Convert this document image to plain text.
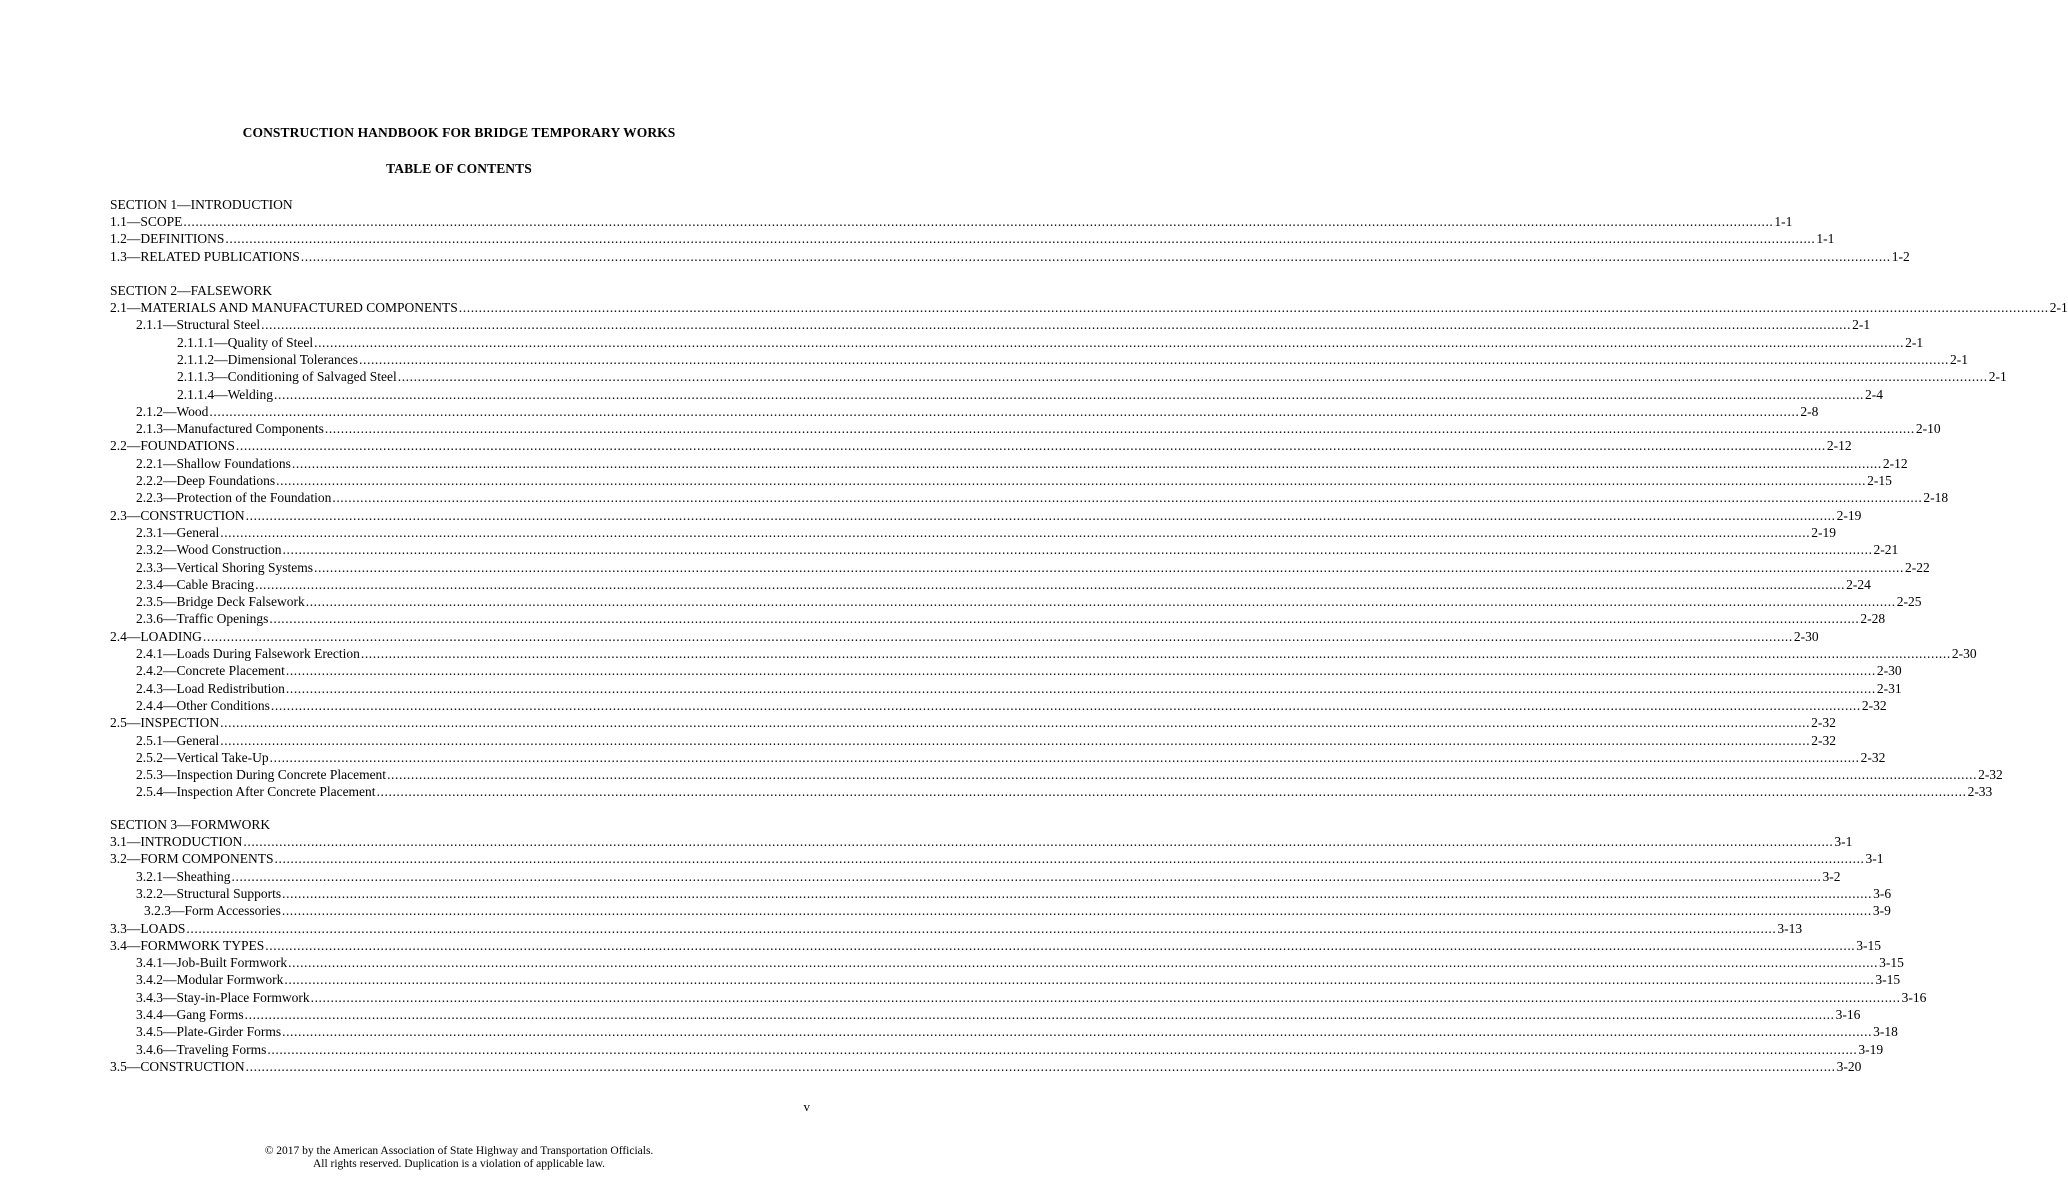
CONSTRUCTION HANDBOOK FOR BRIDGE TEMPORARY WORKS
TABLE OF CONTENTS
SECTION 1—INTRODUCTION
1.1—SCOPE ................................................................................................................................................................................................................................................................................................................................................................................................................ 1-1
1.2—DEFINITIONS ................................................................................................................................................................................................................................................................................................................................................................................................................ 1-1
1.3—RELATED PUBLICATIONS ................................................................................................................................................................................................................................................................................................................................................................................................................ 1-2
SECTION 2—FALSEWORK
2.1—MATERIALS AND MANUFACTURED COMPONENTS ................................................................................................................................................................................................................................................................................................................................................................................................................ 2-1
2.1.1—Structural Steel ................................................................................................................................................................................................................................................................................................................................................................................................................ 2-1
2.1.1.1—Quality of Steel ................................................................................................................................................................................................................................................................................................................................................................................................................ 2-1
2.1.1.2—Dimensional Tolerances ................................................................................................................................................................................................................................................................................................................................................................................................................ 2-1
2.1.1.3—Conditioning of Salvaged Steel ................................................................................................................................................................................................................................................................................................................................................................................................................ 2-1
2.1.1.4—Welding ................................................................................................................................................................................................................................................................................................................................................................................................................ 2-4
2.1.2—Wood ................................................................................................................................................................................................................................................................................................................................................................................................................ 2-8
2.1.3—Manufactured Components ................................................................................................................................................................................................................................................................................................................................................................................................................ 2-10
2.2—FOUNDATIONS ................................................................................................................................................................................................................................................................................................................................................................................................................ 2-12
2.2.1—Shallow Foundations ................................................................................................................................................................................................................................................................................................................................................................................................................ 2-12
2.2.2—Deep Foundations ................................................................................................................................................................................................................................................................................................................................................................................................................ 2-15
2.2.3—Protection of the Foundation ................................................................................................................................................................................................................................................................................................................................................................................................................ 2-18
2.3—CONSTRUCTION ................................................................................................................................................................................................................................................................................................................................................................................................................ 2-19
2.3.1—General ................................................................................................................................................................................................................................................................................................................................................................................................................ 2-19
2.3.2—Wood Construction ................................................................................................................................................................................................................................................................................................................................................................................................................ 2-21
2.3.3—Vertical Shoring Systems ................................................................................................................................................................................................................................................................................................................................................................................................................ 2-22
2.3.4—Cable Bracing ................................................................................................................................................................................................................................................................................................................................................................................................................ 2-24
2.3.5—Bridge Deck Falsework ................................................................................................................................................................................................................................................................................................................................................................................................................ 2-25
2.3.6—Traffic Openings ................................................................................................................................................................................................................................................................................................................................................................................................................ 2-28
2.4—LOADING ................................................................................................................................................................................................................................................................................................................................................................................................................ 2-30
2.4.1—Loads During Falsework Erection ................................................................................................................................................................................................................................................................................................................................................................................................................ 2-30
2.4.2—Concrete Placement ................................................................................................................................................................................................................................................................................................................................................................................................................ 2-30
2.4.3—Load Redistribution ................................................................................................................................................................................................................................................................................................................................................................................................................ 2-31
2.4.4—Other Conditions ................................................................................................................................................................................................................................................................................................................................................................................................................ 2-32
2.5—INSPECTION ................................................................................................................................................................................................................................................................................................................................................................................................................ 2-32
2.5.1—General ................................................................................................................................................................................................................................................................................................................................................................................................................ 2-32
2.5.2—Vertical Take-Up ................................................................................................................................................................................................................................................................................................................................................................................................................ 2-32
2.5.3—Inspection During Concrete Placement ................................................................................................................................................................................................................................................................................................................................................................................................................ 2-32
2.5.4—Inspection After Concrete Placement ................................................................................................................................................................................................................................................................................................................................................................................................................ 2-33
SECTION 3—FORMWORK
3.1—INTRODUCTION ................................................................................................................................................................................................................................................................................................................................................................................................................ 3-1
3.2—FORM COMPONENTS ................................................................................................................................................................................................................................................................................................................................................................................................................ 3-1
3.2.1—Sheathing ................................................................................................................................................................................................................................................................................................................................................................................................................ 3-2
3.2.2—Structural Supports ................................................................................................................................................................................................................................................................................................................................................................................................................ 3-6
3.2.3—Form Accessories ................................................................................................................................................................................................................................................................................................................................................................................................................ 3-9
3.3—LOADS ................................................................................................................................................................................................................................................................................................................................................................................................................ 3-13
3.4—FORMWORK TYPES ................................................................................................................................................................................................................................................................................................................................................................................................................ 3-15
3.4.1—Job-Built Formwork ................................................................................................................................................................................................................................................................................................................................................................................................................ 3-15
3.4.2—Modular Formwork ................................................................................................................................................................................................................................................................................................................................................................................................................ 3-15
3.4.3—Stay-in-Place Formwork ................................................................................................................................................................................................................................................................................................................................................................................................................ 3-16
3.4.4—Gang Forms ................................................................................................................................................................................................................................................................................................................................................................................................................ 3-16
3.4.5—Plate-Girder Forms ................................................................................................................................................................................................................................................................................................................................................................................................................ 3-18
3.4.6—Traveling Forms ................................................................................................................................................................................................................................................................................................................................................................................................................ 3-19
3.5—CONSTRUCTION ................................................................................................................................................................................................................................................................................................................................................................................................................ 3-20
v
© 2017 by the American Association of State Highway and Transportation Officials.
All rights reserved. Duplication is a violation of applicable law.
